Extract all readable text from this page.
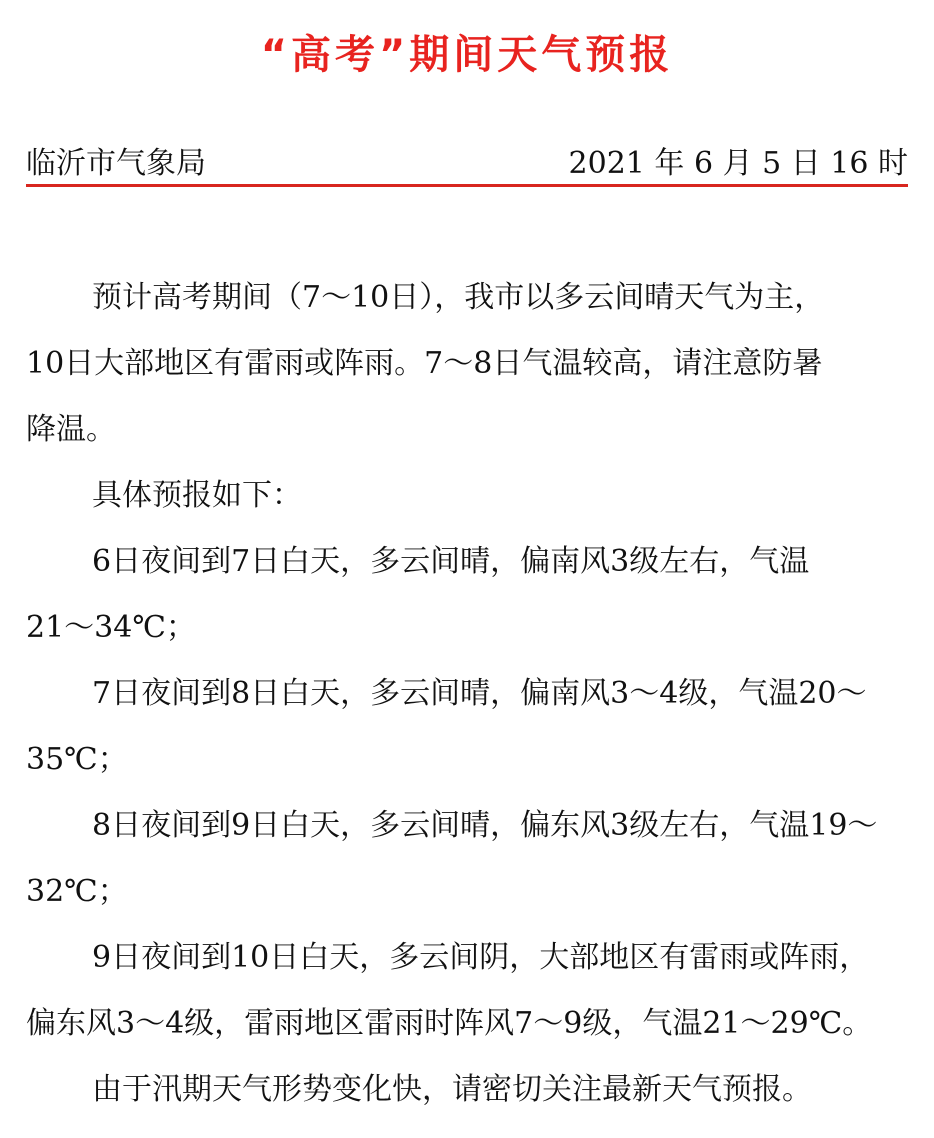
“高考”期间天气预报
临沂市气象局	2021 年 6 月 5 日 16 时

预计高考期间（7～10日），我市以多云间晴天气为主，

10日大部地区有雷雨或阵雨。7～8日气温较高，请注意防暑

降温。

具体预报如下：

6日夜间到7日白天，多云间晴，偏南风3级左右，气温

21～34℃；

7日夜间到8日白天，多云间晴，偏南风3～4级，气温20～

35℃；

8日夜间到9日白天，多云间晴，偏东风3级左右，气温19～

32℃；

9日夜间到10日白天，多云间阴，大部地区有雷雨或阵雨，

偏东风3～4级，雷雨地区雷雨时阵风7～9级，气温21～29℃。

由于汛期天气形势变化快，请密切关注最新天气预报。
